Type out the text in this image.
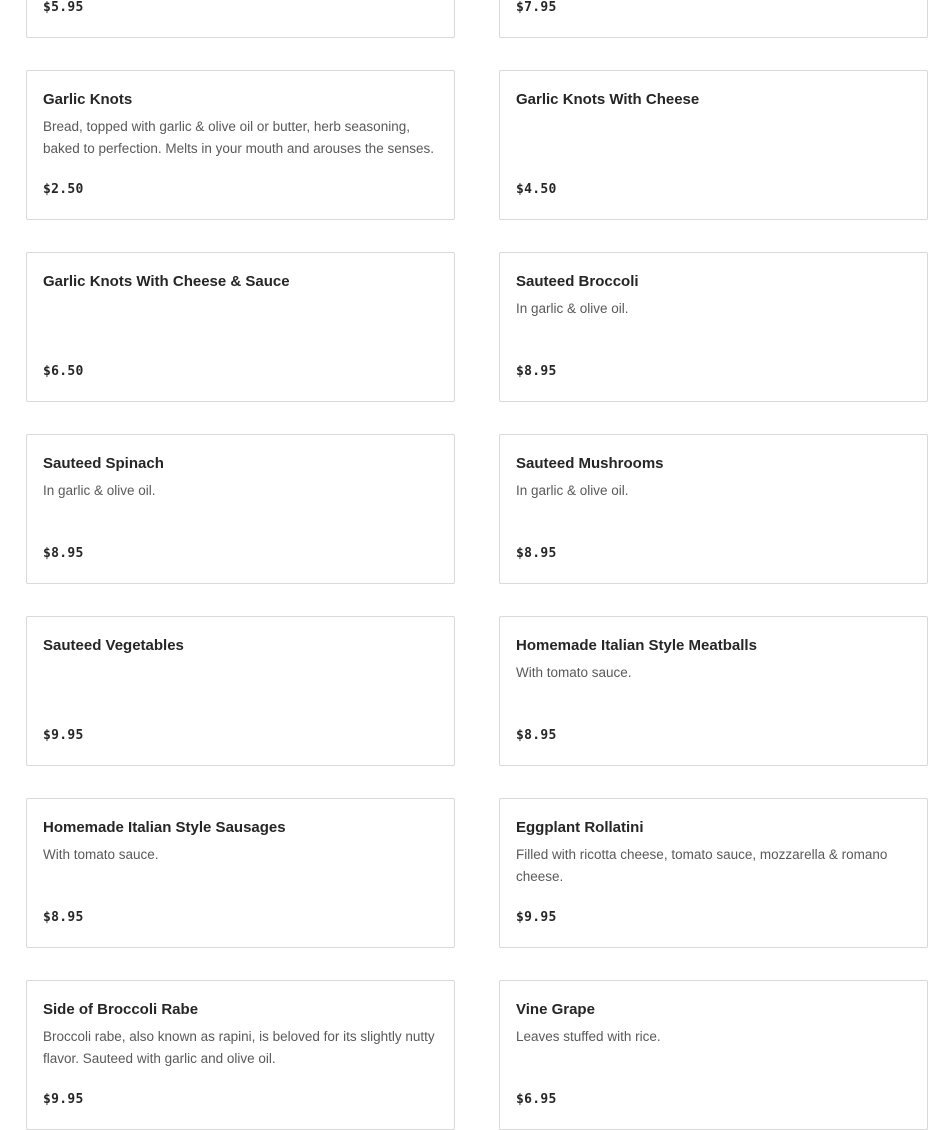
$5.95	$7.95
Garlic Knots
Bread, topped with garlic & olive oil or butter, herb seasoning, baked to perfection. Melts in your mouth and arouses the senses.
$2.50
Garlic Knots With Cheese
$4.50
Garlic Knots With Cheese & Sauce
$6.50
Sauteed Broccoli
In garlic & olive oil.
$8.95
Sauteed Spinach
In garlic & olive oil.
$8.95
Sauteed Mushrooms
In garlic & olive oil.
$8.95
Sauteed Vegetables
$9.95
Homemade Italian Style Meatballs
With tomato sauce.
$8.95
Homemade Italian Style Sausages
With tomato sauce.
$8.95
Eggplant Rollatini
Filled with ricotta cheese, tomato sauce, mozzarella & romano cheese.
$9.95
Side of Broccoli Rabe
Broccoli rabe, also known as rapini, is beloved for its slightly nutty flavor. Sauteed with garlic and olive oil.
$9.95
Vine Grape
Leaves stuffed with rice.
$6.95
